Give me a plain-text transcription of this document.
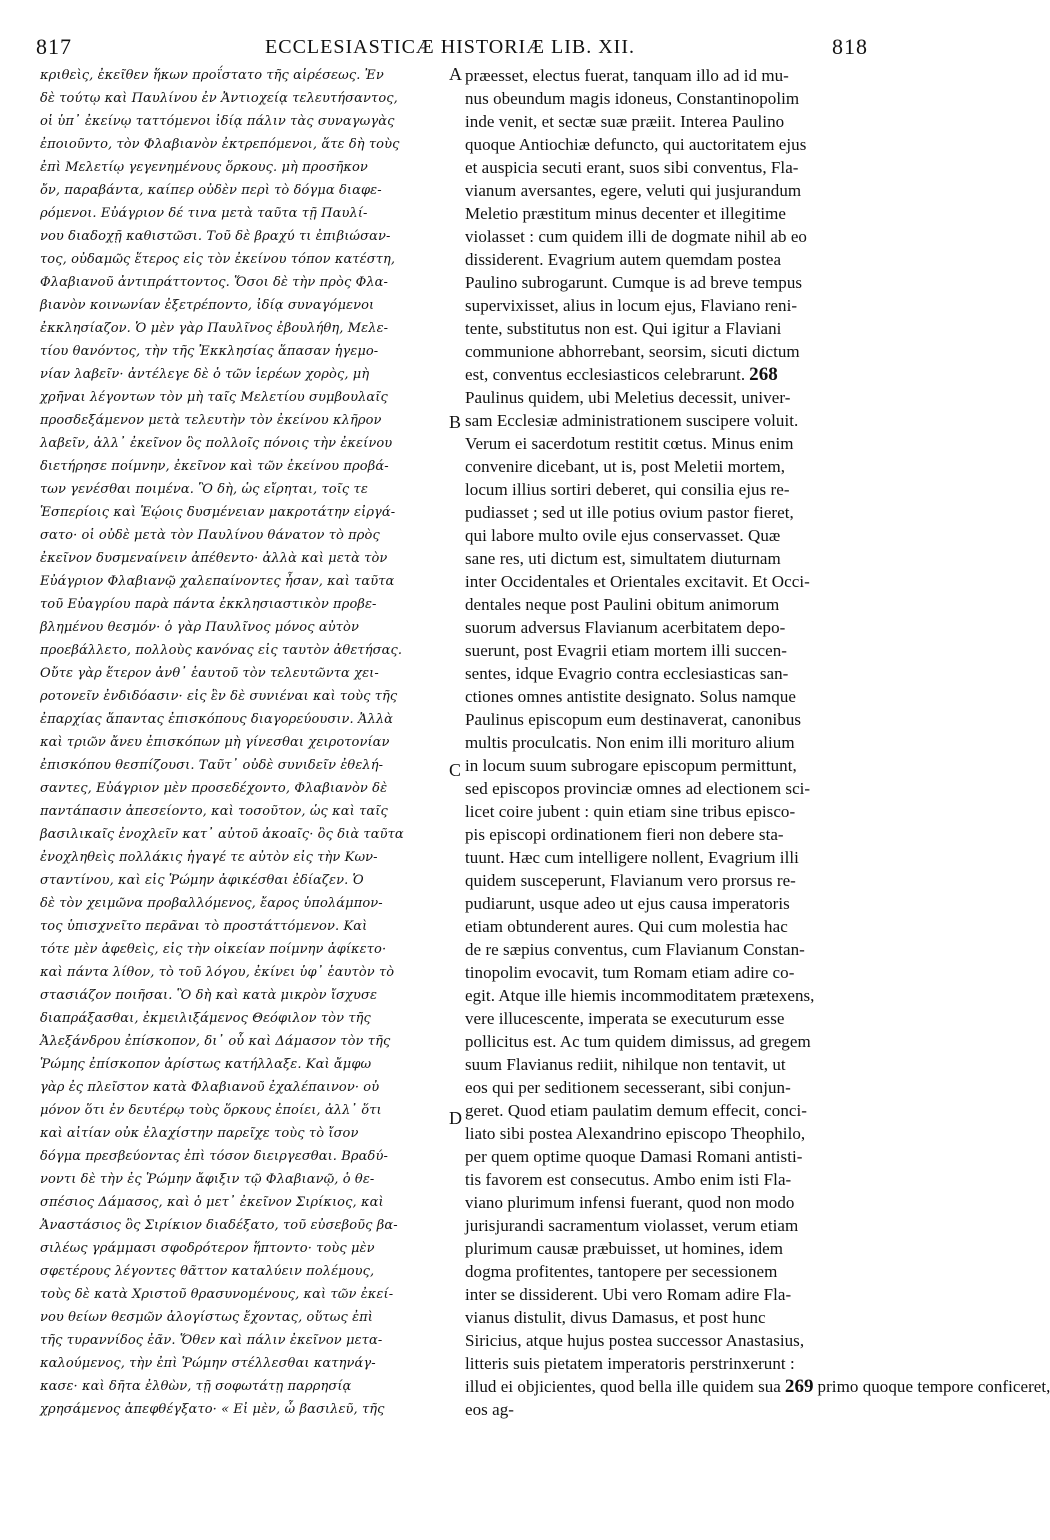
817	ECCLESIASTICÆ HISTORIÆ LIB. XII.	818
κριθεὶς, ἐκεῖθεν ἥκων προΐστατο τῆς αἱρέσεως. Ἐν
δὲ τούτῳ καὶ Παυλίνου ἐν Ἀντιοχείᾳ τελευτήσαντος,
οἱ ὑπ᾽ ἐκείνῳ ταττόμενοι ἰδίᾳ πάλιν τὰς συναγωγὰς
ἐποιοῦντο, τὸν Φλαβιανὸν ἐκτρεπόμενοι, ἅτε δὴ τοὺς
ἐπὶ Μελετίῳ γεγενημένους ὅρκους. μὴ προσῆκον
ὄν, παραβάντα, καίπερ οὐδὲν περὶ τὸ δόγμα διαφε-
ρόμενοι. Εὐάγριον δέ τινα μετὰ ταῦτα τῇ Παυλί-
νου διαδοχῇ καθιστῶσι. Τοῦ δὲ βραχύ τι ἐπιβιώσαν-
τος, οὐδαμῶς ἕτερος εἰς τὸν ἐκείνου τόπον κατέστη,
Φλαβιανοῦ ἀντιπράττοντος. Ὅσοι δὲ τὴν πρὸς Φλα-
βιανὸν κοινωνίαν ἐξετρέποντο, ἰδίᾳ συναγόμενοι
ἐκκλησίαζον. Ὁ μὲν γὰρ Παυλῖνος ἐβουλήθη, Μελε-
τίου θανόντος, τὴν τῆς Ἐκκλησίας ἅπασαν ἡγεμο-
νίαν λαβεῖν· ἀντέλεγε δὲ ὁ τῶν ἱερέων χορὸς, μὴ
χρῆναι λέγοντων τὸν μὴ ταῖς Μελετίου συμβουλαῖς
προσδεξάμενον μετὰ τελευτὴν τὸν ἐκείνου κλῆρον
λαβεῖν, ἀλλ᾽ ἐκεῖνον ὃς πολλοῖς πόνοις τὴν ἐκείνου
διετήρησε ποίμνην, ἐκεῖνον καὶ τῶν ἐκείνου προβά-
των γενέσθαι ποιμένα. Ὃ δὴ, ὡς εἴρηται, τοῖς τε
Ἑσπερίοις καὶ Ἑῴοις δυσμένειαν μακροτάτην εἰργά-
σατο· οἱ οὐδὲ μετὰ τὸν Παυλίνου θάνατον τὸ πρὸς
ἐκεῖνον δυσμεναίνειν ἀπέθεντο· ἀλλὰ καὶ μετὰ τὸν
Εὐάγριον Φλαβιανῷ χαλεπαίνοντες ἦσαν, καὶ ταῦτα
τοῦ Εὐαγρίου παρὰ πάντα ἐκκλησιαστικὸν προβε-
βλημένου θεσμόν· ὁ γὰρ Παυλῖνος μόνος αὐτὸν
προεβάλλετο, πολλοὺς κανόνας εἰς ταυτὸν ἀθετήσας.
Οὔτε γὰρ ἕτερον ἀνθ᾽ ἑαυτοῦ τὸν τελευτῶντα χει-
ροτονεῖν ἐνδιδόασιν· εἰς ἓν δὲ συνιέναι καὶ τοὺς τῆς
ἐπαρχίας ἅπαντας ἐπισκόπους διαγορεύουσιν. Ἀλλὰ
καὶ τριῶν ἄνευ ἐπισκόπων μὴ γίνεσθαι χειροτονίαν
ἐπισκόπου θεσπίζουσι. Ταῦτ᾽ οὐδὲ συνιδεῖν ἐθελή-
σαντες, Εὐάγριον μὲν προσεδέχοντο, Φλαβιανὸν δὲ
παντάπασιν ἀπεσείοντο, καὶ τοσοῦτον, ὡς καὶ ταῖς
βασιλικαῖς ἐνοχλεῖν κατ᾽ αὐτοῦ ἀκοαῖς· ὃς διὰ ταῦτα
ἐνοχληθεὶς πολλάκις ἠγαγέ τε αὐτὸν εἰς τὴν Κων-
σταντίνου, καὶ εἰς Ῥώμην ἀφικέσθαι ἐδίαζεν. Ὁ
δὲ τὸν χειμῶνα προβαλλόμενος, ἔαρος ὑπολάμπον-
τος ὑπισχνεῖτο περᾶναι τὸ προστάττόμενον. Καὶ
τότε μὲν ἀφεθεὶς, εἰς τὴν οἰκείαν ποίμνην ἀφίκετο·
καὶ πάντα λίθον, τὸ τοῦ λόγου, ἐκίνει ὑφ᾽ ἑαυτὸν τὸ
στασιάζον ποιῆσαι. Ὃ δὴ καὶ κατὰ μικρὸν ἴσχυσε
διαπράξασθαι, ἐκμειλιξάμενος Θεόφιλον τὸν τῆς
Ἀλεξάνδρου ἐπίσκοπον, δι᾽ οὗ καὶ Δάμασον τὸν τῆς
Ῥώμης ἐπίσκοπον ἀρίστως κατήλλαξε. Καὶ ἄμφω
γὰρ ἐς πλεῖστον κατὰ Φλαβιανοῦ ἐχαλέπαινον· οὐ
μόνον ὅτι ἐν δευτέρῳ τοὺς ὅρκους ἐποίει, ἀλλ᾽ ὅτι
καὶ αἰτίαν οὐκ ἐλαχίστην παρεῖχε τοὺς τὸ ἴσον
δόγμα πρεσβεύοντας ἐπὶ τόσον διειργεσθαι. Βραδύ-
νοντι δὲ τὴν ἐς Ῥώμην ἄφιξιν τῷ Φλαβιανῷ, ὁ θε-
σπέσιος Δάμασος, καὶ ὁ μετ᾽ ἐκεῖνον Σιρίκιος, καὶ
Ἀναστάσιος ὃς Σιρίκιον διαδέξατο, τοῦ εὐσεβοῦς βα-
σιλέως γράμμασι σφοδρότερον ἥπτοντο· τοὺς μὲν
σφετέρους λέγοντες θᾶττον καταλύειν πολέμους,
τοὺς δὲ κατὰ Χριστοῦ θρασυνομένους, καὶ τῶν ἐκεί-
νου θείων θεσμῶν ἀλογίστως ἔχοντας, οὕτως ἐπὶ
τῆς τυραννίδος ἐᾶν. Ὅθεν καὶ πάλιν ἐκεῖνον μετα-
καλούμενος, τὴν ἐπὶ Ῥώμην στέλλεσθαι κατηνάγ-
κασε· καὶ δῆτα ἐλθὼν, τῇ σοφωτάτῃ παρρησίᾳ
χρησάμενος ἀπεφθέγξατο· « Εἰ μὲν, ὦ βασιλεῦ, τῆς
præesset, electus fuerat, tanquam illo ad id mu-
nus obeundum magis idoneus, Constantinopolim
inde venit, et sectæ suæ præiit. Interea Paulino
quoque Antiochiæ defuncto, qui auctoritatem ejus
et auspicia secuti erant, suos sibi conventus, Fla-
vianum aversantes, egere, veluti qui jusjurandum
Meletio præstitum minus decenter et illegitime
violasset : cum quidem illi de dogmate nihil ab eo
dissiderent. Evagrium autem quemdam postea
Paulino subrogarunt. Cumque is ad breve tempus
supervixisset, alius in locum ejus, Flaviano reni-
tente, substitutus non est. Qui igitur a Flaviani
communione abhorrebant, seorsim, sicuti dictum
est, conventus ecclesiasticos celebrarunt. 268
Paulinus quidem, ubi Meletius decessit, univer-
sam Ecclesiæ administrationem suscipere voluit.
Verum ei sacerdotum restitit cœtus. Minus enim
convenire dicebant, ut is, post Meletii mortem,
locum illius sortiri deberet, qui consilia ejus re-
pudiasset ; sed ut ille potius ovium pastor fieret,
qui labore multo ovile ejus conservasset. Quæ
sane res, uti dictum est, simultatem diuturnam
inter Occidentales et Orientales excitavit. Et Occi-
dentales neque post Paulini obitum animorum
suorum adversus Flavianum acerbitatem depo-
suerunt, post Evagrii etiam mortem illi succen-
sentes, idque Evagrio contra ecclesiasticas san-
ctiones omnes antistite designato. Solus namque
Paulinus episcopum eum destinaverat, canonibus
multis proculcatis. Non enim illi morituro alium
in locum suum subrogare episcopum permittunt,
sed episcopos provinciæ omnes ad electionem sci-
licet coire jubent : quin etiam sine tribus episco-
pis episcopi ordinationem fieri non debere sta-
tuunt. Hæc cum intelligere nollent, Evagrium illi
quidem susceperunt, Flavianum vero prorsus re-
pudiarunt, usque adeo ut ejus causa imperatoris
etiam obtunderent aures. Qui cum molestia hac
de re sæpius conventus, cum Flavianum Constan-
tinopolim evocavit, tum Romam etiam adire co-
egit. Atque ille hiemis incommoditatem prætexens,
vere illucescente, imperata se executurum esse
pollicitus est. Ac tum quidem dimissus, ad gregem
suum Flavianus rediit, nihilque non tentavit, ut
eos qui per seditionem secesserant, sibi conjun-
geret. Quod etiam paulatim demum effecit, conci-
liato sibi postea Alexandrino episcopo Theophilo,
per quem optime quoque Damasi Romani antisti-
tis favorem est consecutus. Ambo enim isti Fla-
viano plurimum infensi fuerant, quod non modo
jurisjurandi sacramentum violasset, verum etiam
plurimum causæ præbuisset, ut homines, idem
dogma profitentes, tantopere per secessionem
inter se dissiderent. Ubi vero Romam adire Fla-
vianus distulit, divus Damasus, et post hunc
Siricius, atque hujus postea successor Anastasius,
litteris suis pietatem imperatoris perstrinxerunt :
illud ei objicientes, quod bella ille quidem sua 269 primo quoque tempore conficeret,
eos ag-
A
B
C
D
